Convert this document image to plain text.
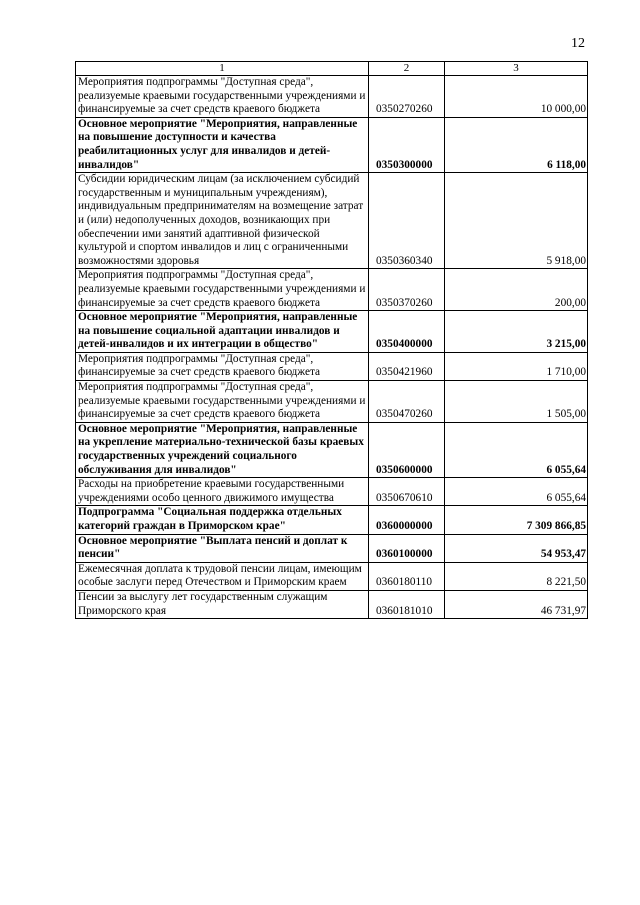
12
1	2	3
Мероприятия подпрограммы "Доступная среда", реализуемые краевыми государственными учреждениями и финансируемые за счет средств краевого бюджета	0350270260	10 000,00
Основное мероприятие "Мероприятия, направленные на повышение доступности и качества реабилитационных услуг для инвалидов и детей-инвалидов"	0350300000	6 118,00
Субсидии юридическим лицам (за исключением субсидий государственным и муниципальным учреждениям), индивидуальным предпринимателям на возмещение затрат и (или) недополученных доходов, возникающих при обеспечении ими занятий адаптивной физической культурой и спортом инвалидов и лиц с ограниченными возможностями здоровья	0350360340	5 918,00
Мероприятия подпрограммы "Доступная среда", реализуемые краевыми государственными учреждениями и финансируемые за счет средств краевого бюджета	0350370260	200,00
Основное мероприятие "Мероприятия, направленные на повышение социальной адаптации инвалидов и детей-инвалидов и их интеграции в общество"	0350400000	3 215,00
Мероприятия подпрограммы "Доступная среда", финансируемые за счет средств краевого бюджета	0350421960	1 710,00
Мероприятия подпрограммы "Доступная среда", реализуемые краевыми государственными учреждениями и финансируемые за счет средств краевого бюджета	0350470260	1 505,00
Основное мероприятие "Мероприятия, направленные на укрепление материально-технической базы краевых государственных учреждений социального обслуживания для инвалидов"	0350600000	6 055,64
Расходы на приобретение краевыми государственными учреждениями особо ценного движимого имущества	0350670610	6 055,64
Подпрограмма "Социальная поддержка отдельных категорий граждан в Приморском крае"	0360000000	7 309 866,85
Основное мероприятие "Выплата пенсий и доплат к пенсии"	0360100000	54 953,47
Ежемесячная доплата к трудовой пенсии лицам, имеющим особые заслуги перед Отечеством и Приморским краем	0360180110	8 221,50
Пенсии за выслугу лет государственным служащим Приморского края	0360181010	46 731,97
